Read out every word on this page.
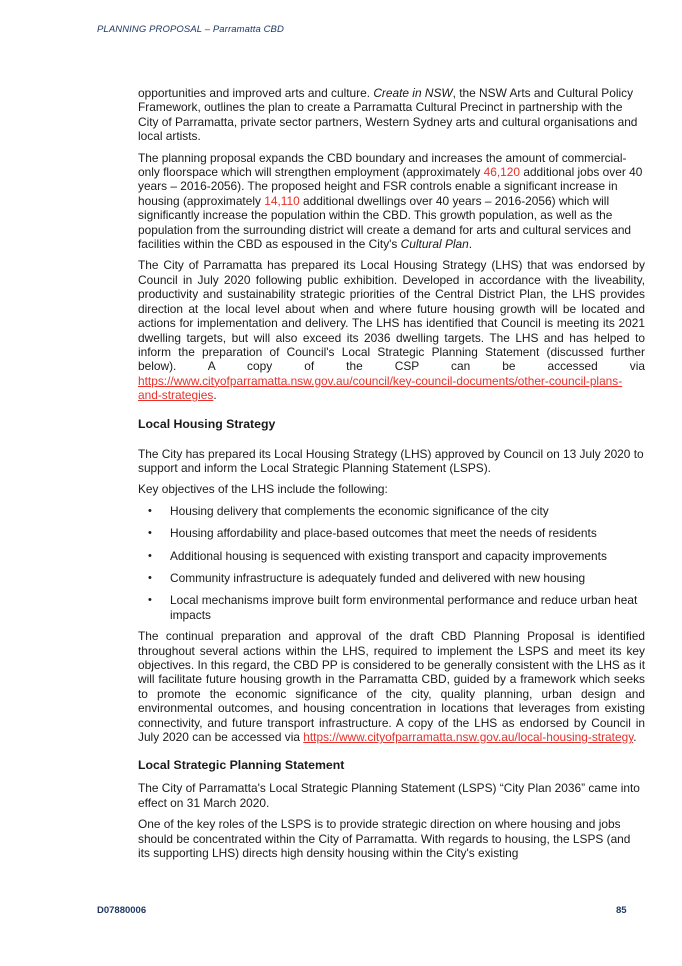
PLANNING PROPOSAL – Parramatta CBD

opportunities and improved arts and culture. Create in NSW, the NSW Arts and Cultural Policy Framework, outlines the plan to create a Parramatta Cultural Precinct in partnership with the City of Parramatta, private sector partners, Western Sydney arts and cultural organisations and local artists.

The planning proposal expands the CBD boundary and increases the amount of commercial-only floorspace which will strengthen employment (approximately 46,120 additional jobs over 40 years – 2016-2056). The proposed height and FSR controls enable a significant increase in housing (approximately 14,110 additional dwellings over 40 years – 2016-2056) which will significantly increase the population within the CBD. This growth population, as well as the population from the surrounding district will create a demand for arts and cultural services and facilities within the CBD as espoused in the City's Cultural Plan.

The City of Parramatta has prepared its Local Housing Strategy (LHS) that was endorsed by Council in July 2020 following public exhibition. Developed in accordance with the liveability, productivity and sustainability strategic priorities of the Central District Plan, the LHS provides direction at the local level about when and where future housing growth will be located and actions for implementation and delivery. The LHS has identified that Council is meeting its 2021 dwelling targets, but will also exceed its 2036 dwelling targets. The LHS and has helped to inform the preparation of Council's Local Strategic Planning Statement (discussed further below). A copy of the CSP can be accessed via https://www.cityofparramatta.nsw.gov.au/council/key-council-documents/other-council-plans-and-strategies.

Local Housing Strategy

The City has prepared its Local Housing Strategy (LHS) approved by Council on 13 July 2020 to support and inform the Local Strategic Planning Statement (LSPS).

Key objectives of the LHS include the following:

• Housing delivery that complements the economic significance of the city
• Housing affordability and place-based outcomes that meet the needs of residents
• Additional housing is sequenced with existing transport and capacity improvements
• Community infrastructure is adequately funded and delivered with new housing
• Local mechanisms improve built form environmental performance and reduce urban heat impacts

The continual preparation and approval of the draft CBD Planning Proposal is identified throughout several actions within the LHS, required to implement the LSPS and meet its key objectives. In this regard, the CBD PP is considered to be generally consistent with the LHS as it will facilitate future housing growth in the Parramatta CBD, guided by a framework which seeks to promote the economic significance of the city, quality planning, urban design and environmental outcomes, and housing concentration in locations that leverages from existing connectivity, and future transport infrastructure. A copy of the LHS as endorsed by Council in July 2020 can be accessed via https://www.cityofparramatta.nsw.gov.au/local-housing-strategy.

Local Strategic Planning Statement

The City of Parramatta's Local Strategic Planning Statement (LSPS) “City Plan 2036” came into effect on 31 March 2020.

One of the key roles of the LSPS is to provide strategic direction on where housing and jobs should be concentrated within the City of Parramatta. With regards to housing, the LSPS (and its supporting LHS) directs high density housing within the City's existing

D07880006	85
